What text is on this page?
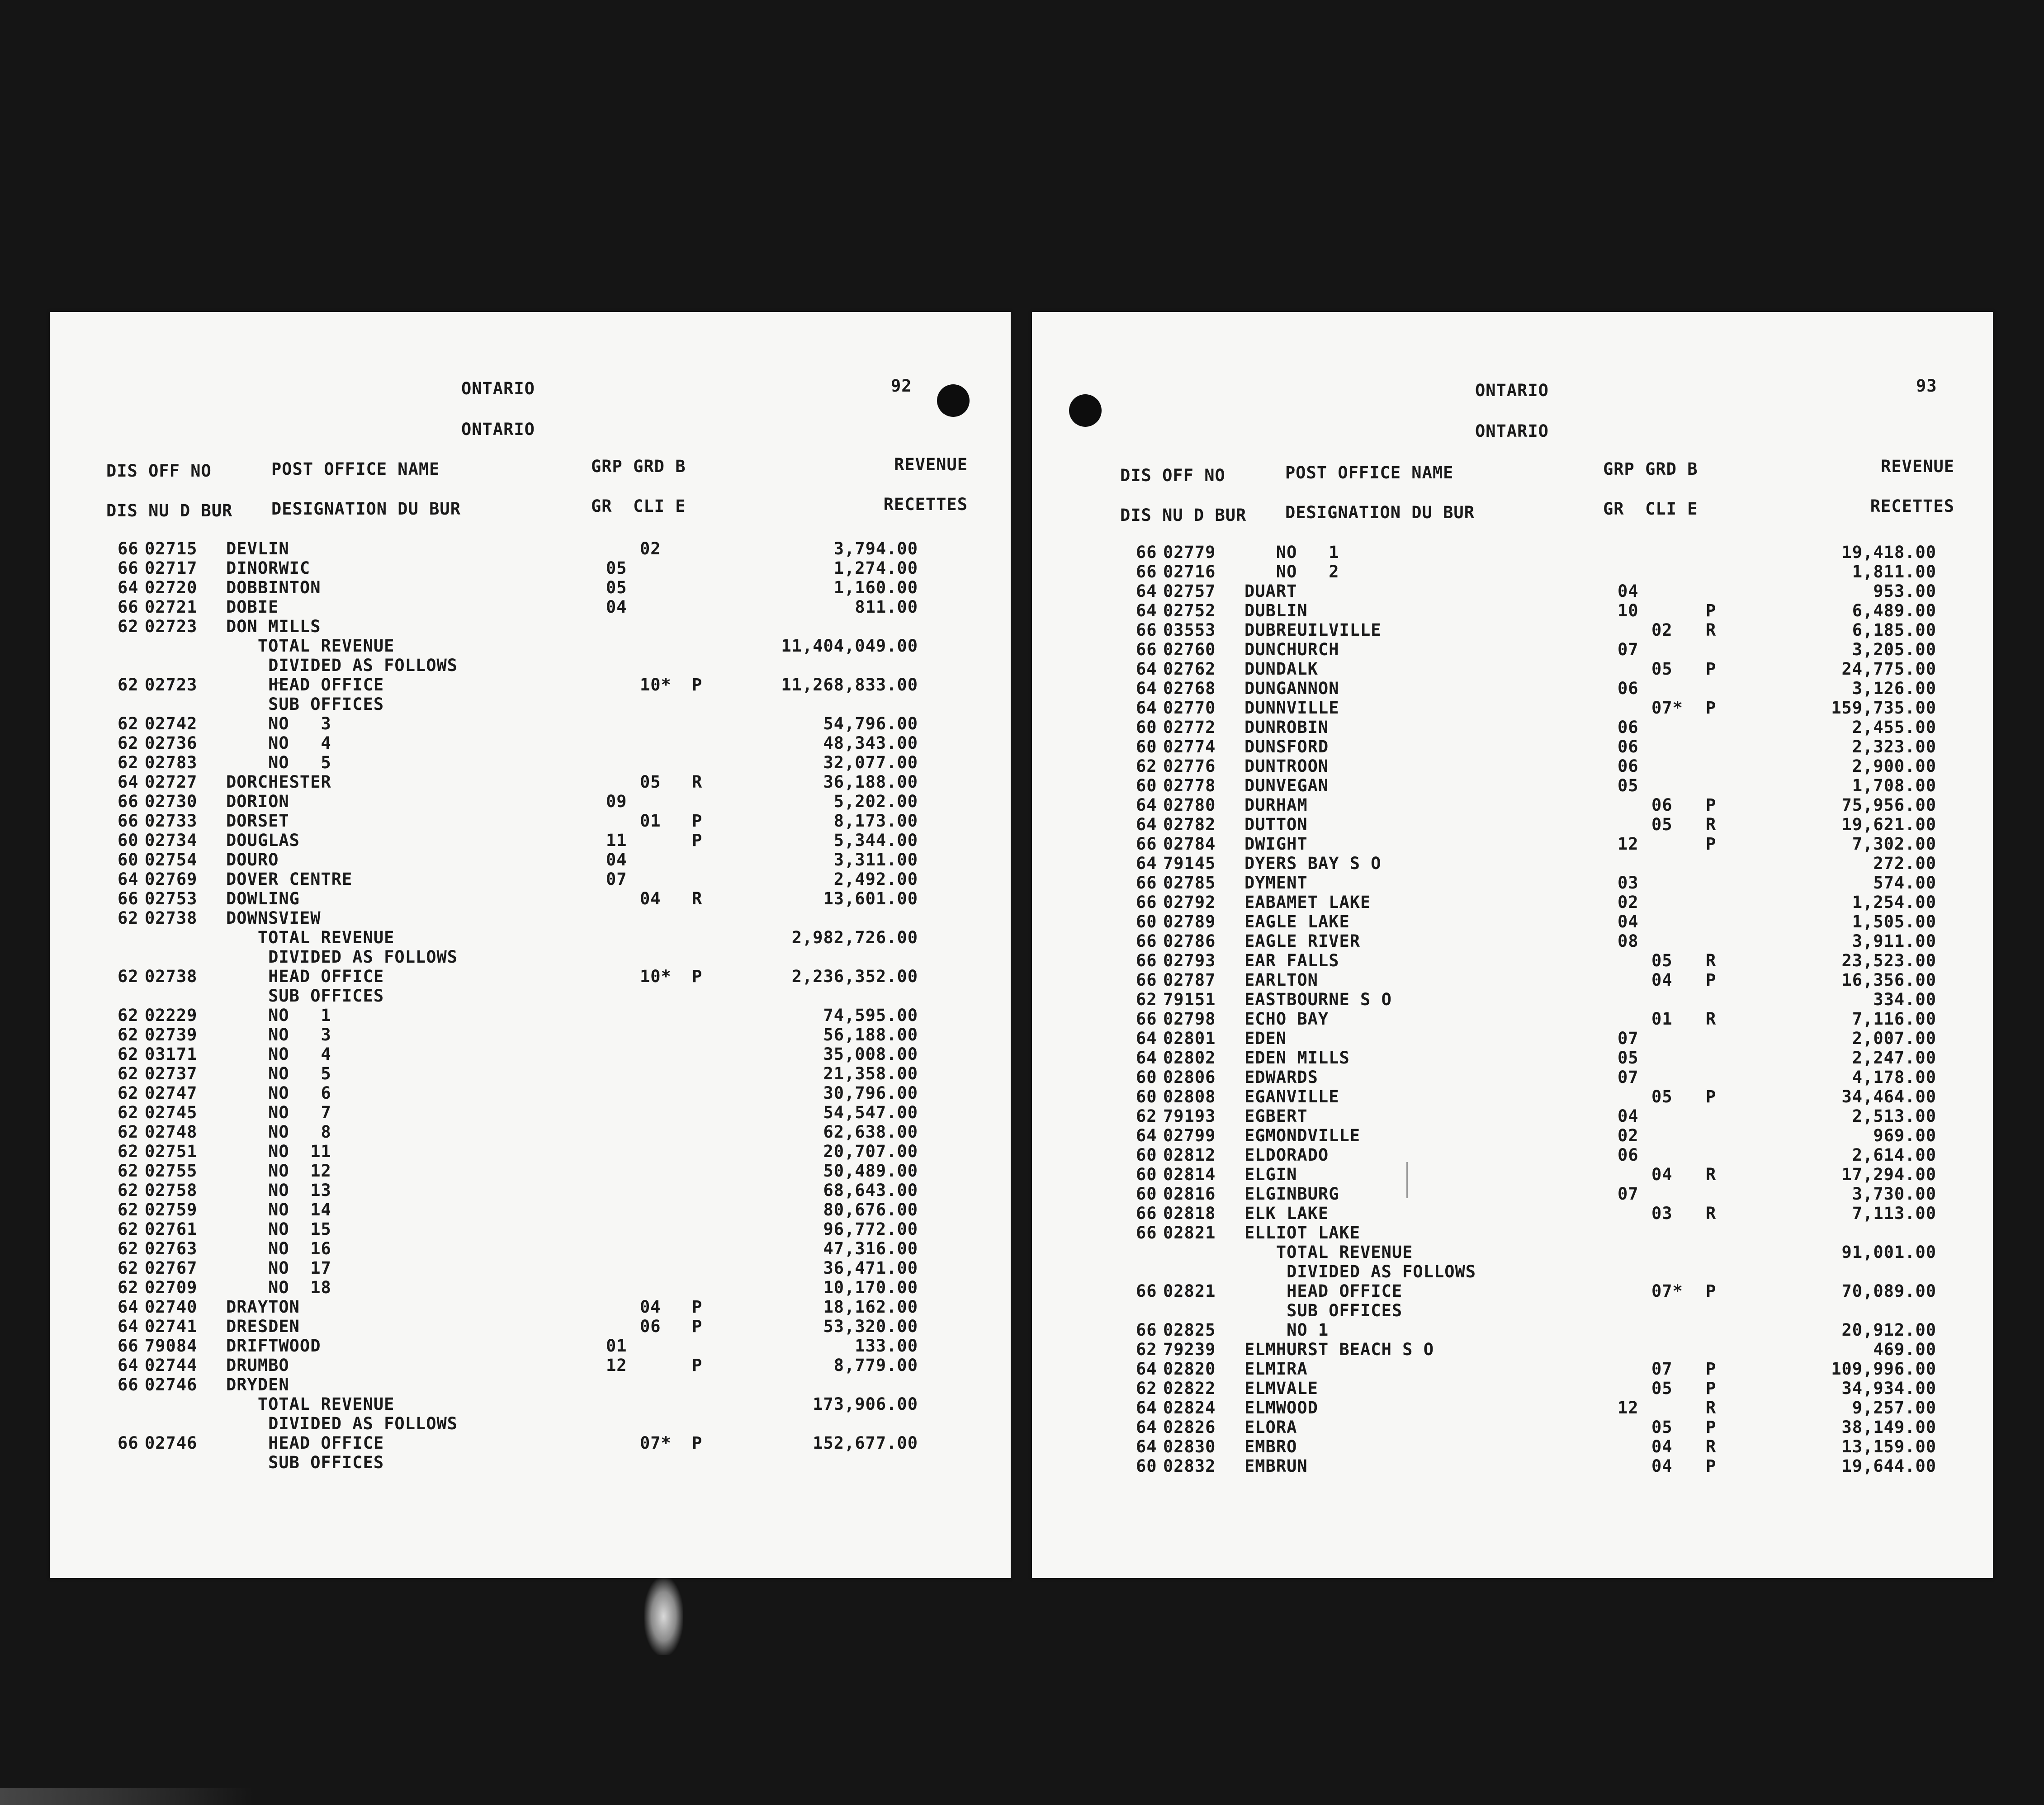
ONTARIO	92
ONTARIO
DIS OFF NO	POST OFFICE NAME	GRP GRD B	REVENUE
DIS NU D BUR DESIGNATION DU BUR	GR  CLI E	RECETTES
66 02715 DEVLIN	02	3,794.00
66 02717 DINORWIC	05	1,274.00
64 02720 DOBBINTON	05	1,160.00
66 02721 DOBIE	04	811.00
62 02723 DON MILLS
TOTAL REVENUE	11,404,049.00
DIVIDED AS FOLLOWS
62 02723 HEAD OFFICE	10* P	11,268,833.00
SUB OFFICES
62 02742 NO   3	54,796.00
62 02736 NO   4	48,343.00
62 02783 NO   5	32,077.00
64 02727 DORCHESTER	05 R	36,188.00
66 02730 DORION	09	5,202.00
66 02733 DORSET	01 P	8,173.00
60 02734 DOUGLAS	11	P	5,344.00
60 02754 DOURO	04	3,311.00
64 02769 DOVER CENTRE	07	2,492.00
66 02753 DOWLING	04 R	13,601.00
62 02738 DOWNSVIEW
TOTAL REVENUE	2,982,726.00
DIVIDED AS FOLLOWS
62 02738 HEAD OFFICE	10* P	2,236,352.00
SUB OFFICES
62 02229 NO   1	74,595.00
62 02739 NO   3	56,188.00
62 03171 NO   4	35,008.00
62 02737 NO   5	21,358.00
62 02747 NO   6	30,796.00
62 02745 NO   7	54,547.00
62 02748 NO   8	62,638.00
62 02751 NO  11	20,707.00
62 02755 NO  12	50,489.00
62 02758 NO  13	68,643.00
62 02759 NO  14	80,676.00
62 02761 NO  15	96,772.00
62 02763 NO  16	47,316.00
62 02767 NO  17	36,471.00
62 02709 NO  18	10,170.00
64 02740 DRAYTON	04 P	18,162.00
64 02741 DRESDEN	06 P	53,320.00
66 79084 DRIFTWOOD	01	133.00
64 02744 DRUMBO	12	P	8,779.00
66 02746 DRYDEN
TOTAL REVENUE	173,906.00
DIVIDED AS FOLLOWS
66 02746 HEAD OFFICE	07* P	152,677.00
SUB OFFICES
ONTARIO	93
ONTARIO
DIS OFF NO	POST OFFICE NAME	GRP GRD B	REVENUE
DIS NU D BUR DESIGNATION DU BUR	GR  CLI E	RECETTES
66 02779 NO   1	19,418.00
66 02716 NO   2	1,811.00
64 02757 DUART	04	953.00
64 02752 DUBLIN	10	P	6,489.00
66 03553 DUBREUILVILLE	02 R	6,185.00
66 02760 DUNCHURCH	07	3,205.00
64 02762 DUNDALK	05 P	24,775.00
64 02768 DUNGANNON	06	3,126.00
64 02770 DUNNVILLE	07* P	159,735.00
60 02772 DUNROBIN	06	2,455.00
60 02774 DUNSFORD	06	2,323.00
62 02776 DUNTROON	06	2,900.00
60 02778 DUNVEGAN	05	1,708.00
64 02780 DURHAM	06 P	75,956.00
64 02782 DUTTON	05 R	19,621.00
66 02784 DWIGHT	12	P	7,302.00
64 79145 DYERS BAY S O	272.00
66 02785 DYMENT	03	574.00
66 02792 EABAMET LAKE	02	1,254.00
60 02789 EAGLE LAKE	04	1,505.00
66 02786 EAGLE RIVER	08	3,911.00
66 02793 EAR FALLS	05 R	23,523.00
66 02787 EARLTON	04 P	16,356.00
62 79151 EASTBOURNE S O	334.00
66 02798 ECHO BAY	01 R	7,116.00
64 02801 EDEN	07	2,007.00
64 02802 EDEN MILLS	05	2,247.00
60 02806 EDWARDS	07	4,178.00
60 02808 EGANVILLE	05 P	34,464.00
62 79193 EGBERT	04	2,513.00
64 02799 EGMONDVILLE	02	969.00
60 02812 ELDORADO	06	2,614.00
60 02814 ELGIN	04 R	17,294.00
60 02816 ELGINBURG	07	3,730.00
66 02818 ELK LAKE	03 R	7,113.00
66 02821 ELLIOT LAKE
TOTAL REVENUE	91,001.00
DIVIDED AS FOLLOWS
66 02821 HEAD OFFICE	07* P	70,089.00
SUB OFFICES
66 02825 NO 1	20,912.00
62 79239 ELMHURST BEACH S O	469.00
64 02820 ELMIRA	07 P	109,996.00
62 02822 ELMVALE	05 P	34,934.00
64 02824 ELMWOOD	12	R	9,257.00
64 02826 ELORA	05 P	38,149.00
64 02830 EMBRO	04 R	13,159.00
60 02832 EMBRUN	04 P	19,644.00
